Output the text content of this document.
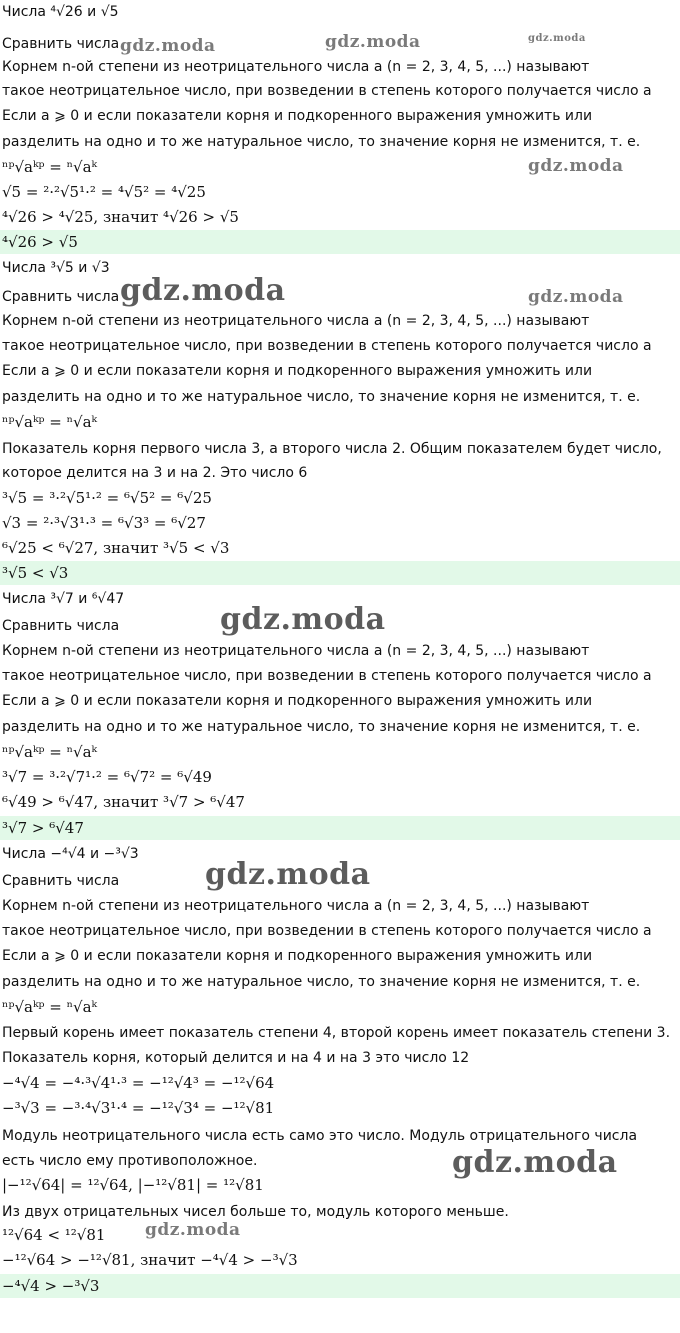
Числа ⁴√26 и √5
Сравнить числа
Корнем n-ой степени из неотрицательного числа a (n = 2, 3, 4, 5, ...) называют
такое неотрицательное число, при возведении в степень которого получается число a
Если a ⩾ 0 и если показатели корня и подкоренного выражения умножить или
разделить на одно и то же натуральное число, то значение корня не изменится, т. е.
ⁿᵖ√aᵏᵖ = ⁿ√aᵏ
√5 = ²·²√5¹·² = ⁴√5² = ⁴√25
⁴√26 > ⁴√25, значит ⁴√26 > √5
⁴√26 > √5
Числа ³√5 и √3
Сравнить числа
Корнем n-ой степени из неотрицательного числа a (n = 2, 3, 4, 5, ...) называют
такое неотрицательное число, при возведении в степень которого получается число a
Если a ⩾ 0 и если показатели корня и подкоренного выражения умножить или
разделить на одно и то же натуральное число, то значение корня не изменится, т. е.
ⁿᵖ√aᵏᵖ = ⁿ√aᵏ
Показатель корня первого числа 3, а второго числа 2. Общим показателем будет число,
которое делится на 3 и на 2. Это число 6
³√5 = ³·²√5¹·² = ⁶√5² = ⁶√25
√3 = ²·³√3¹·³ = ⁶√3³ = ⁶√27
⁶√25 < ⁶√27, значит ³√5 < √3
³√5 < √3
Числа ³√7 и ⁶√47
Сравнить числа
Корнем n-ой степени из неотрицательного числа a (n = 2, 3, 4, 5, ...) называют
такое неотрицательное число, при возведении в степень которого получается число a
Если a ⩾ 0 и если показатели корня и подкоренного выражения умножить или
разделить на одно и то же натуральное число, то значение корня не изменится, т. е.
ⁿᵖ√aᵏᵖ = ⁿ√aᵏ
³√7 = ³·²√7¹·² = ⁶√7² = ⁶√49
⁶√49 > ⁶√47, значит ³√7 > ⁶√47
³√7 > ⁶√47
Числа −⁴√4 и −³√3
Сравнить числа
Корнем n-ой степени из неотрицательного числа a (n = 2, 3, 4, 5, ...) называют
такое неотрицательное число, при возведении в степень которого получается число a
Если a ⩾ 0 и если показатели корня и подкоренного выражения умножить или
разделить на одно и то же натуральное число, то значение корня не изменится, т. е.
ⁿᵖ√aᵏᵖ = ⁿ√aᵏ
Первый корень имеет показатель степени 4, второй корень имеет показатель степени 3.
Показатель корня, который делится и на 4 и на 3 это число 12
−⁴√4 = −⁴·³√4¹·³ = −¹²√4³ = −¹²√64
−³√3 = −³·⁴√3¹·⁴ = −¹²√3⁴ = −¹²√81
Модуль неотрицательного числа есть само это число. Модуль отрицательного числа
есть число ему противоположное.
|−¹²√64| = ¹²√64, |−¹²√81| = ¹²√81
Из двух отрицательных чисел больше то, модуль которого меньше.
¹²√64 < ¹²√81
−¹²√64 > −¹²√81, значит −⁴√4 > −³√3
−⁴√4 > −³√3
gdz.moda	gdz.moda	gdz.moda
gdz.moda
gdz.moda	gdz.moda
gdz.moda
gdz.moda
gdz.moda
gdz.moda
